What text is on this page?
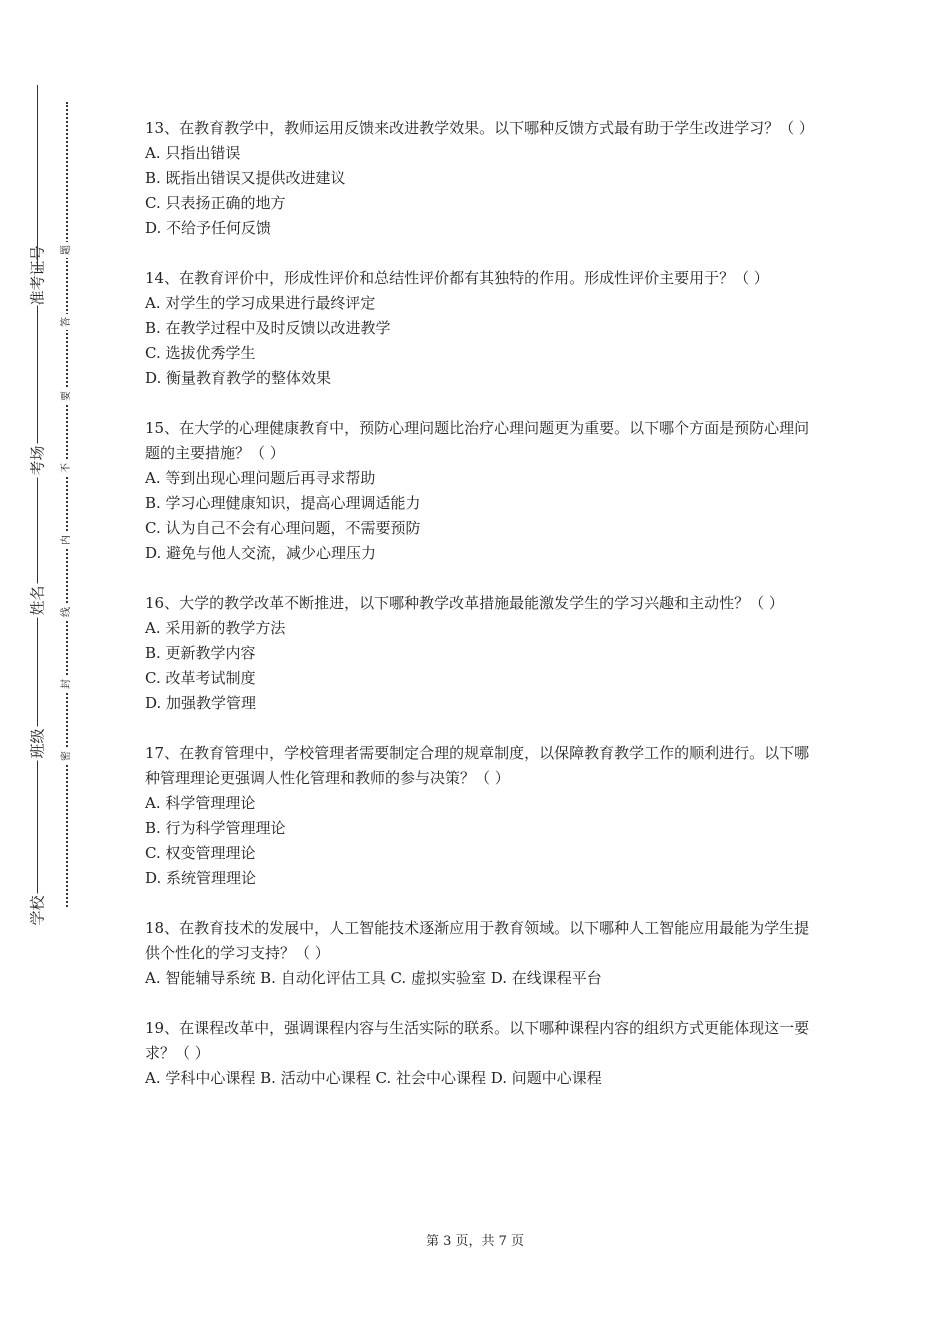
准考证号
考场
姓名
班级
学校
题
答
要
不
内
线
封
密

13、在教育教学中，教师运用反馈来改进教学效果。以下哪种反馈方式最有助于学生改进学习？（ ）

A. 只指出错误

B. 既指出错误又提供改进建议

C. 只表扬正确的地方

D. 不给予任何反馈

14、在教育评价中，形成性评价和总结性评价都有其独特的作用。形成性评价主要用于？（ ）

A. 对学生的学习成果进行最终评定

B. 在教学过程中及时反馈以改进教学

C. 选拔优秀学生

D. 衡量教育教学的整体效果

15、在大学的心理健康教育中，预防心理问题比治疗心理问题更为重要。以下哪个方面是预防心理问题的主要措施？（ ）

A. 等到出现心理问题后再寻求帮助

B. 学习心理健康知识，提高心理调适能力

C. 认为自己不会有心理问题，不需要预防

D. 避免与他人交流，减少心理压力

16、大学的教学改革不断推进，以下哪种教学改革措施最能激发学生的学习兴趣和主动性？（ ）

A. 采用新的教学方法

B. 更新教学内容

C. 改革考试制度

D. 加强教学管理

17、在教育管理中，学校管理者需要制定合理的规章制度，以保障教育教学工作的顺利进行。以下哪种管理理论更强调人性化管理和教师的参与决策？（ ）

A. 科学管理理论

B. 行为科学管理理论

C. 权变管理理论

D. 系统管理理论

18、在教育技术的发展中，人工智能技术逐渐应用于教育领域。以下哪种人工智能应用最能为学生提供个性化的学习支持？（ ）

A. 智能辅导系统 B. 自动化评估工具 C. 虚拟实验室 D. 在线课程平台

19、在课程改革中，强调课程内容与生活实际的联系。以下哪种课程内容的组织方式更能体现这一要求？（ ）

A. 学科中心课程 B. 活动中心课程 C. 社会中心课程 D. 问题中心课程

第 3 页，共 7 页
